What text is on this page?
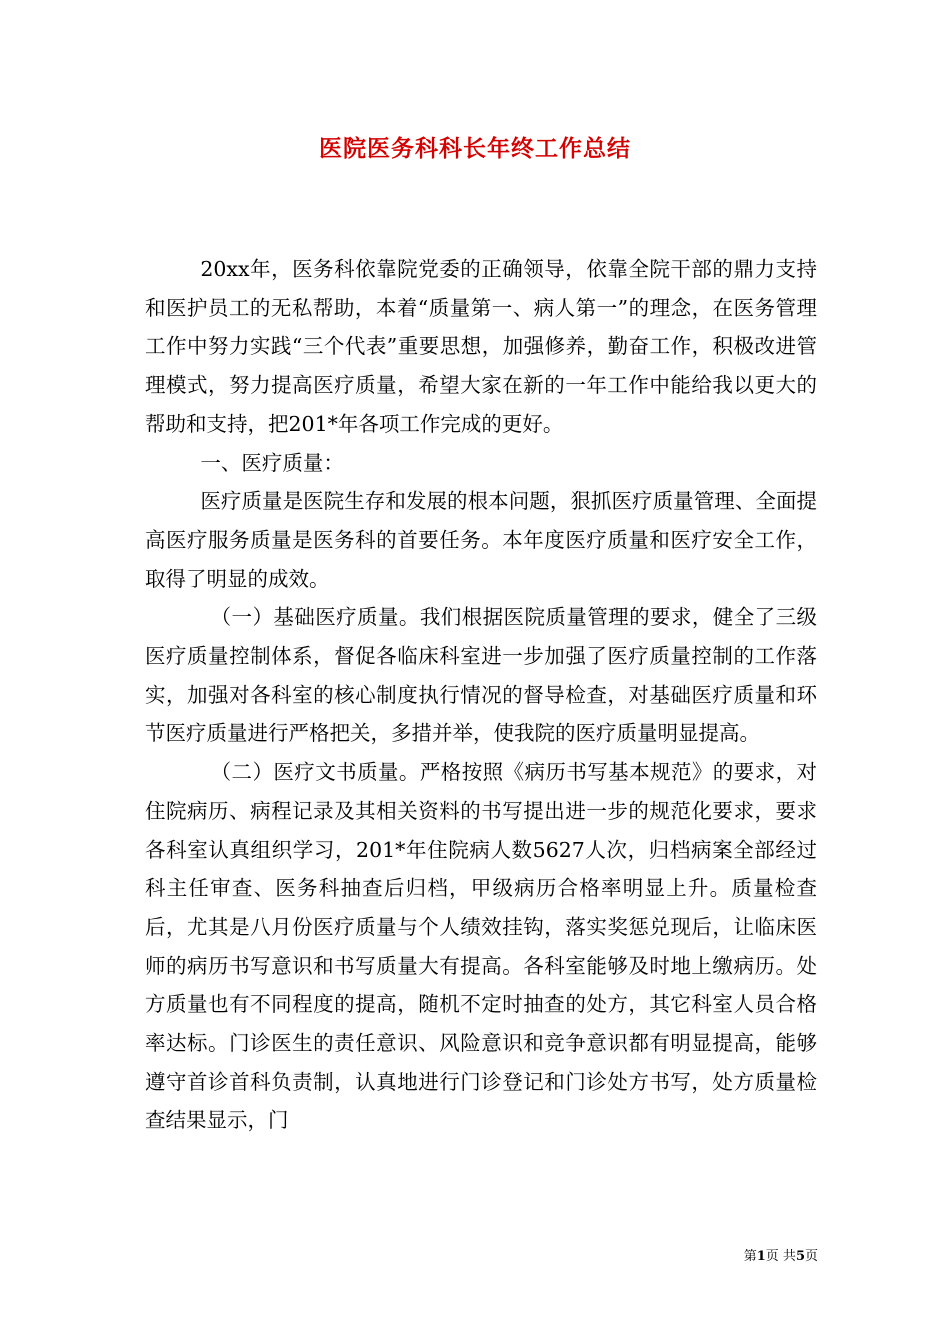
医院医务科科长年终工作总结

20xx年，医务科依靠院党委的正确领导，依靠全院干部的鼎力支持和医护员工的无私帮助，本着“质量第一、病人第一”的理念，在医务管理工作中努力实践“三个代表”重要思想，加强修养，勤奋工作，积极改进管理模式，努力提高医疗质量，希望大家在新的一年工作中能给我以更大的帮助和支持，把201*年各项工作完成的更好。

一、医疗质量：

医疗质量是医院生存和发展的根本问题，狠抓医疗质量管理、全面提高医疗服务质量是医务科的首要任务。本年度医疗质量和医疗安全工作，取得了明显的成效。

（一）基础医疗质量。我们根据医院质量管理的要求，健全了三级医疗质量控制体系，督促各临床科室进一步加强了医疗质量控制的工作落实，加强对各科室的核心制度执行情况的督导检查，对基础医疗质量和环节医疗质量进行严格把关，多措并举，使我院的医疗质量明显提高。

（二）医疗文书质量。严格按照《病历书写基本规范》的要求，对住院病历、病程记录及其相关资料的书写提出进一步的规范化要求，要求各科室认真组织学习，201*年住院病人数5627人次，归档病案全部经过科主任审查、医务科抽查后归档，甲级病历合格率明显上升。质量检查后，尤其是八月份医疗质量与个人绩效挂钩，落实奖惩兑现后，让临床医师的病历书写意识和书写质量大有提高。各科室能够及时地上缴病历。处方质量也有不同程度的提高，随机不定时抽查的处方，其它科室人员合格率达标。门诊医生的责任意识、风险意识和竞争意识都有明显提高，能够遵守首诊首科负责制，认真地进行门诊登记和门诊处方书写，处方质量检查结果显示，门

第1页 共5页
